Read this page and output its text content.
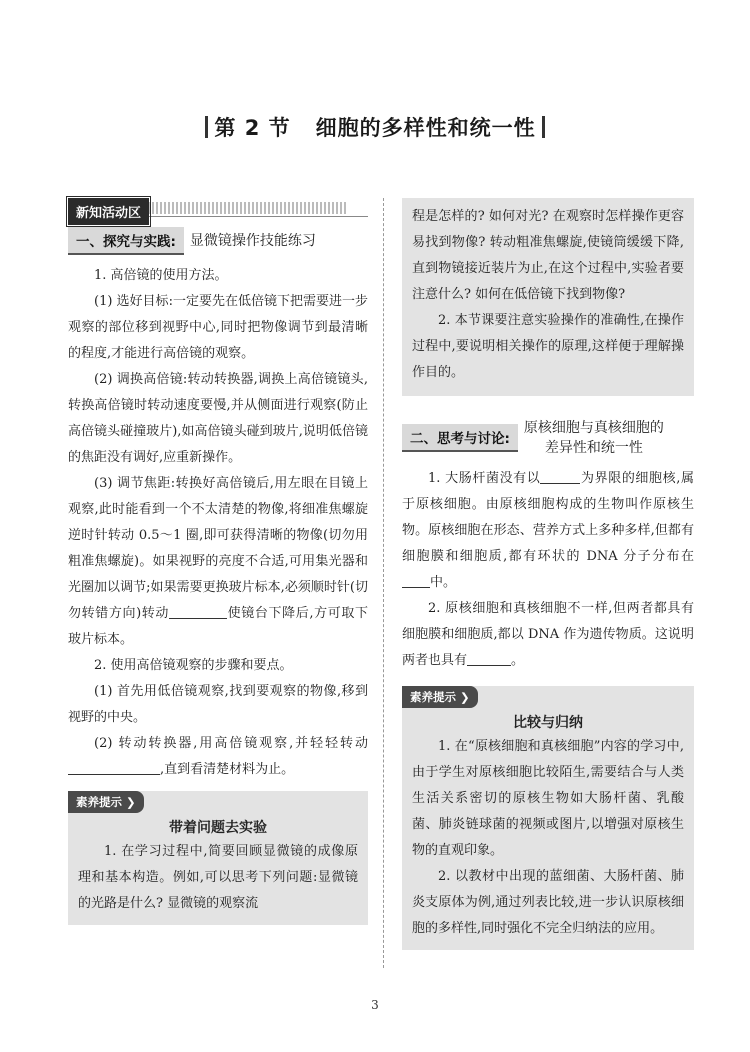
第 2 节 细胞的多样性和统一性
新知活动区
一、探究与实践:	显微镜操作技能练习

1. 高倍镜的使用方法。

(1) 选好目标:一定要先在低倍镜下把需要进一步观察的部位移到视野中心,同时把物像调节到最清晰的程度,才能进行高倍镜的观察。

(2) 调换高倍镜:转动转换器,调换上高倍镜镜头,转换高倍镜时转动速度要慢,并从侧面进行观察(防止高倍镜头碰撞玻片),如高倍镜头碰到玻片,说明低倍镜的焦距没有调好,应重新操作。

(3) 调节焦距:转换好高倍镜后,用左眼在目镜上观察,此时能看到一个不太清楚的物像,将细准焦螺旋逆时针转动 0.5～1 圈,即可获得清晰的物像(切勿用粗准焦螺旋)。如果视野的亮度不合适,可用集光器和光圈加以调节;如果需要更换玻片标本,必须顺时针(切勿转错方向)转动	使镜台下降后,方可取下玻片标本。

2. 使用高倍镜观察的步骤和要点。

(1) 首先用低倍镜观察,找到要观察的物像,移到视野的中央。

(2) 转动转换器,用高倍镜观察,并轻轻转动,直到看清楚材料为止。

素养提示 ❯
带着问题去实验

1. 在学习过程中,简要回顾显微镜的成像原理和基本构造。例如,可以思考下列问题:显微镜的光路是什么? 显微镜的观察流

程是怎样的? 如何对光? 在观察时怎样操作更容易找到物像? 转动粗准焦螺旋,使镜筒缓缓下降,直到物镜接近装片为止,在这个过程中,实验者要注意什么? 如何在低倍镜下找到物像?

2. 本节课要注意实验操作的准确性,在操作过程中,要说明相关操作的原理,这样便于理解操作目的。

二、思考与讨论:
原核细胞与真核细胞的
差异性和统一性

1. 大肠杆菌没有以	为界限的细胞核,属于原核细胞。由原核细胞构成的生物叫作原核生物。原核细胞在形态、营养方式上多种多样,但都有细胞膜和细胞质,都有环状的 DNA 分子分布在中。

2. 原核细胞和真核细胞不一样,但两者都具有细胞膜和细胞质,都以 DNA 作为遗传物质。这说明两者也具有	。

素养提示 ❯
比较与归纳

1. 在“原核细胞和真核细胞”内容的学习中,由于学生对原核细胞比较陌生,需要结合与人类生活关系密切的原核生物如大肠杆菌、乳酸菌、肺炎链球菌的视频或图片,以增强对原核生物的直观印象。

2. 以教材中出现的蓝细菌、大肠杆菌、肺炎支原体为例,通过列表比较,进一步认识原核细胞的多样性,同时强化不完全归纳法的应用。

3
